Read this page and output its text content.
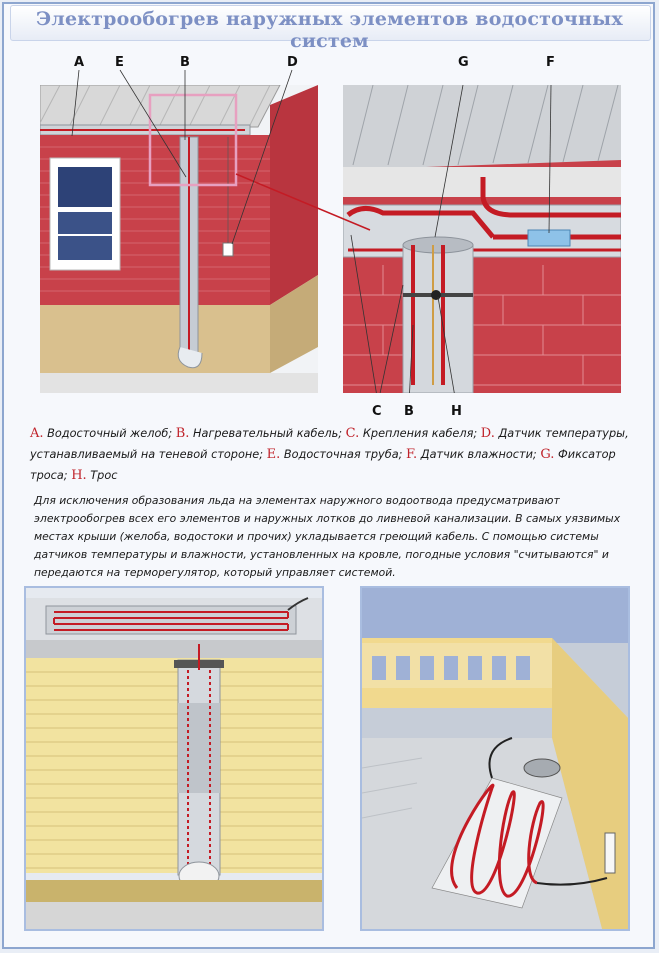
Электрообогрев наружных элементов водосточных систем
A E	B	D	G	F
C B	H
A. Водосточный желоб; B. Нагревательный кабель; C. Крепления кабеля; D. Датчик температуры,
устанавливаемый на теневой стороне; E. Водосточная труба; F. Датчик влажности; G. Фиксатор
троса; H. Трос

Для исключения образования льда на элементах наружного водоотвода предусматривают

электрообогрев всех его элементов и наружных лотков до ливневой канализации. В самых уязвимых

местах крыши (желоба, водостоки и прочих) укладывается греющий кабель. С помощью системы

датчиков температуры и влажности, установленных на кровле, погодные условия "считываются" и

передаются на терморегулятор, который управляет системой.
